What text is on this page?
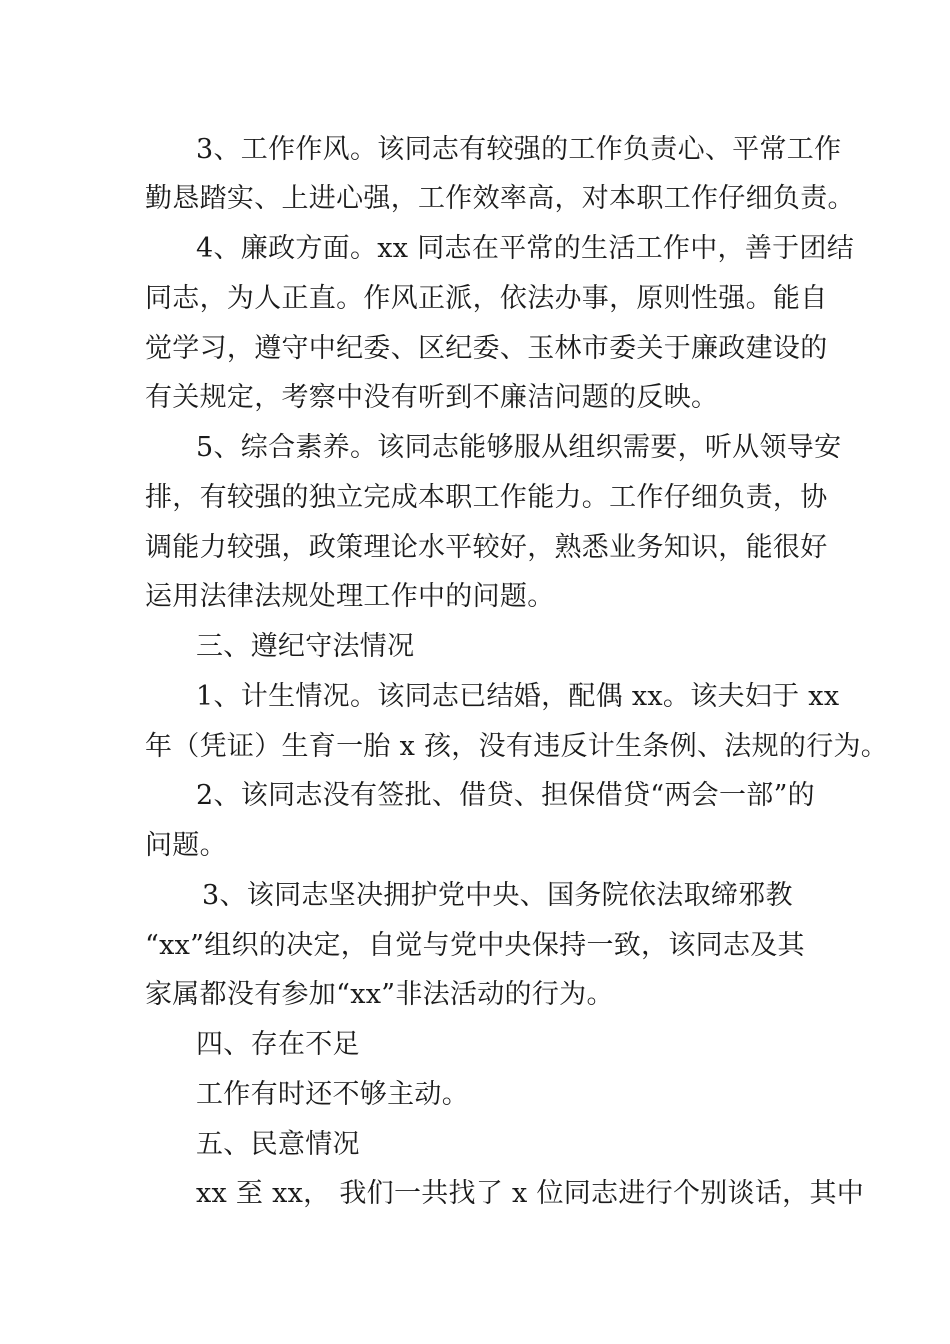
3、工作作风。该同志有较强的工作负责心、平常工作
勤恳踏实、上进心强，工作效率高，对本职工作仔细负责。
4、廉政方面。xx 同志在平常的生活工作中，善于团结
同志，为人正直。作风正派，依法办事，原则性强。能自
觉学习，遵守中纪委、区纪委、玉林市委关于廉政建设的
有关规定，考察中没有听到不廉洁问题的反映。
5、综合素养。该同志能够服从组织需要，听从领导安
排，有较强的独立完成本职工作能力。工作仔细负责，协
调能力较强，政策理论水平较好，熟悉业务知识，能很好
运用法律法规处理工作中的问题。
三、遵纪守法情况
1、计生情况。该同志已结婚，配偶 xx。该夫妇于 xx
年（凭证）生育一胎 x 孩，没有违反计生条例、法规的行为。
2、该同志没有签批、借贷、担保借贷“两会一部”的
问题。
3、该同志坚决拥护党中央、国务院依法取缔邪教
“xx”组织的决定，自觉与党中央保持一致，该同志及其
家属都没有参加“xx”非法活动的行为。
四、存在不足
工作有时还不够主动。
五、民意情况
xx 至 xx， 我们一共找了 x 位同志进行个别谈话，其中
